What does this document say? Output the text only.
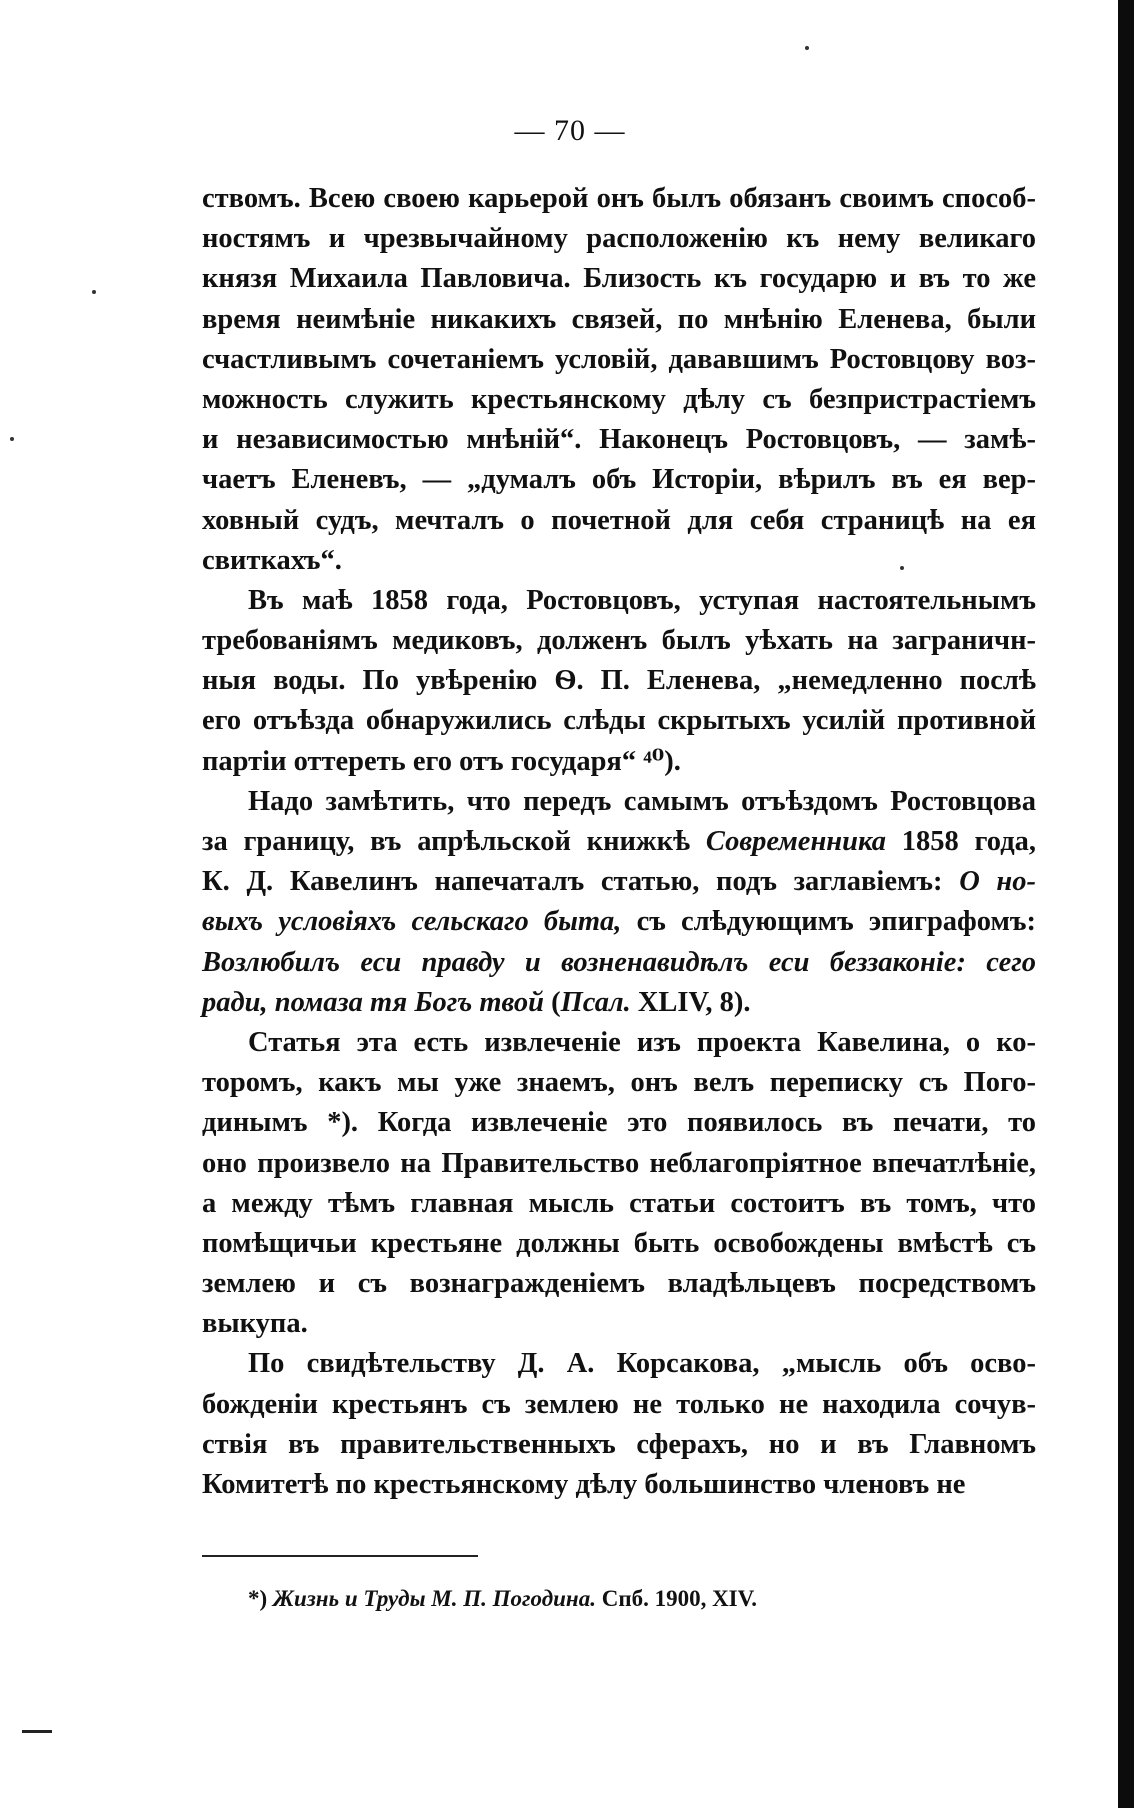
— 70 —
ствомъ. Всею своею карьерой онъ былъ обязанъ своимъ способ-
ностямъ и чрезвычайному расположенію къ нему великаго
князя Михаила Павловича. Близость къ государю и въ то же
время неимѣніе никакихъ связей, по мнѣнію Еленева, были
счастливымъ сочетаніемъ условій, дававшимъ Ростовцову воз-
можность служить крестьянскому дѣлу съ безпристрастіемъ
и независимостью мнѣній“. Наконецъ Ростовцовъ, — замѣ-
чаетъ Еленевъ, — „думалъ объ Исторіи, вѣрилъ въ ея вер-
ховный судъ, мечталъ о почетной для себя страницѣ на ея
свиткахъ“.
Въ маѣ 1858 года, Ростовцовъ, уступая настоятельнымъ
требованіямъ медиковъ, долженъ былъ уѣхать на заграничн-
ныя воды. По увѣренію Ѳ. П. Еленева, „немедленно послѣ
его отъѣзда обнаружились слѣды скрытыхъ усилій противной
партіи оттереть его отъ государя“ ⁴⁰).
Надо замѣтить, что передъ самымъ отъѣздомъ Ростовцова
за границу, въ апрѣльской книжкѣ Современника 1858 года,
К. Д. Кавелинъ напечаталъ статью, подъ заглавіемъ: О но-
выхъ условіяхъ сельскаго быта, съ слѣдующимъ эпиграфомъ:
Возлюбилъ еси правду и возненавидѣлъ еси беззаконіе: сего
ради, помаза тя Богъ твой (Псал. XLIV, 8).
Статья эта есть извлеченіе изъ проекта Кавелина, о ко-
торомъ, какъ мы уже знаемъ, онъ велъ переписку съ Пого-
динымъ *). Когда извлеченіе это появилось въ печати, то
оно произвело на Правительство неблагопріятное впечатлѣніе,
а между тѣмъ главная мысль статьи состоитъ въ томъ, что
помѣщичьи крестьяне должны быть освобождены вмѣстѣ съ
землею и съ вознагражденіемъ владѣльцевъ посредствомъ
выкупа.
По свидѣтельству Д. А. Корсакова, „мысль объ осво-
божденіи крестьянъ съ землею не только не находила сочув-
ствія въ правительственныхъ сферахъ, но и въ Главномъ
Комитетѣ по крестьянскому дѣлу большинство членовъ не
*) Жизнь и Труды М. П. Погодина. Спб. 1900, XIV.
